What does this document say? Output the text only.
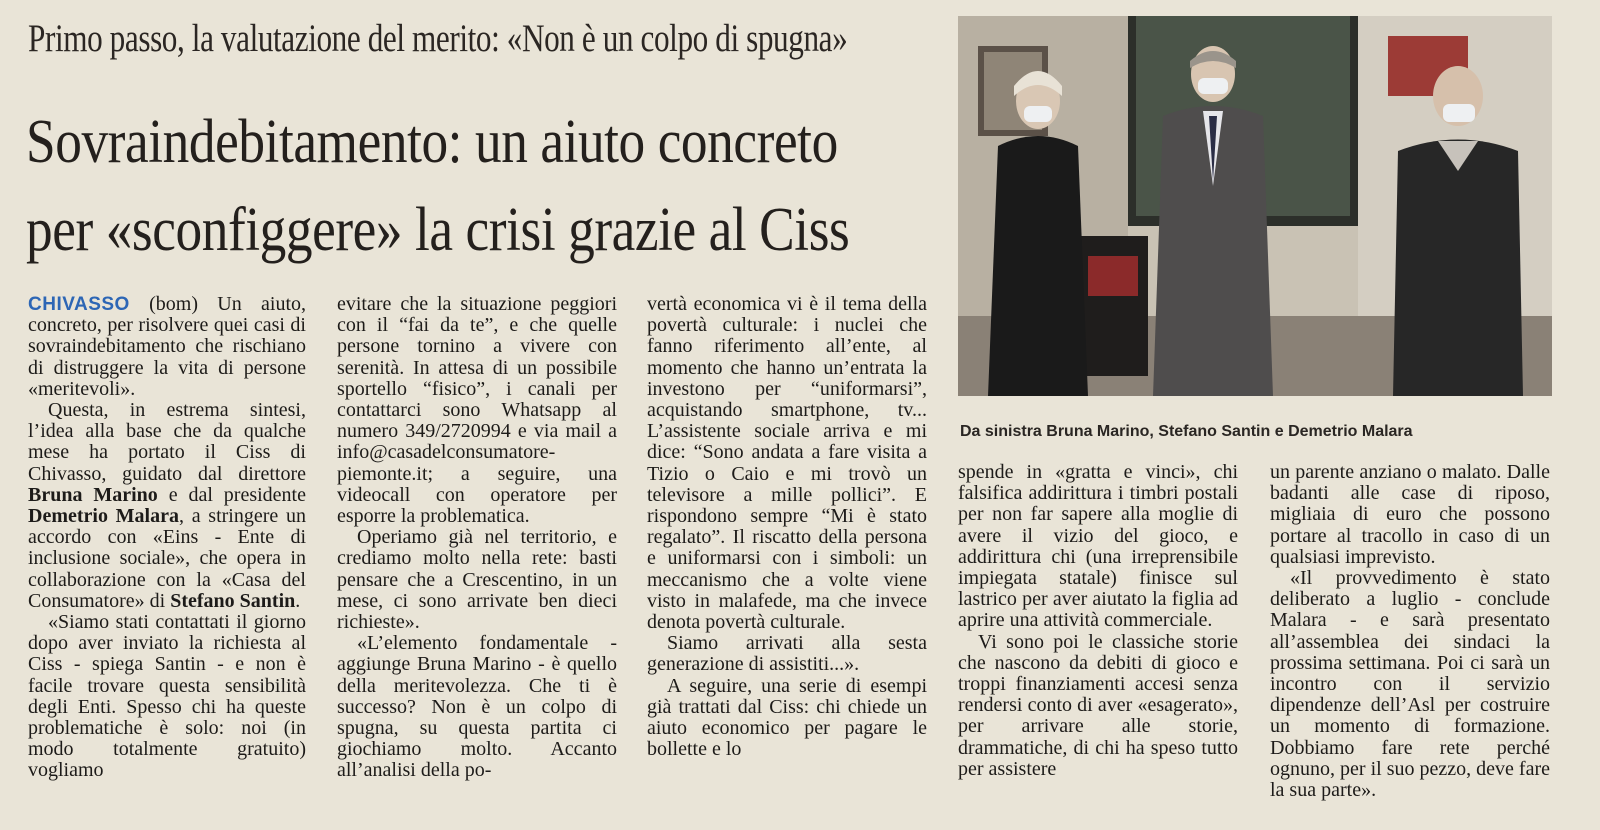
Primo passo, la valutazione del merito: «Non è un colpo di spugna»
Sovraindebitamento: un aiuto concreto
per «sconfiggere» la crisi grazie al Ciss
Da sinistra Bruna Marino, Stefano Santin e Demetrio Malara

CHIVASSO (bom) Un aiuto, concreto, per risolvere quei casi di sovraindebitamento che rischiano di distruggere la vita di persone «meritevoli».

Questa, in estrema sintesi, l’idea alla base che da qualche mese ha portato il Ciss di Chivasso, guidato dal direttore Bruna Marino e dal presidente Demetrio Malara, a stringere un accordo con «Eins - Ente di inclusione sociale», che opera in collaborazione con la «Casa del Consumatore» di Stefano Santin.

«Siamo stati contattati il giorno dopo aver inviato la richiesta al Ciss - spiega Santin - e non è facile trovare questa sensibilità degli Enti. Spesso chi ha queste problematiche è solo: noi (in modo totalmente gratuito) vogliamo

evitare che la situazione peggiori con il “fai da te”, e che quelle persone tornino a vivere con serenità. In attesa di un possibile sportello “fisico”, i canali per contattarci sono Whatsapp al numero 349/2720994 e via mail a info@casadelconsumatore-piemonte.it; a seguire, una videocall con operatore per esporre la problematica.

Operiamo già nel territorio, e crediamo molto nella rete: basti pensare che a Crescentino, in un mese, ci sono arrivate ben dieci richieste».

«L’elemento fondamentale - aggiunge Bruna Marino - è quello della meritevolezza. Che ti è successo? Non è un colpo di spugna, su questa partita ci giochiamo molto. Accanto all’analisi della po-

vertà economica vi è il tema della povertà culturale: i nuclei che fanno riferimento all’ente, al momento che hanno un’entrata la investono per “uniformarsi”, acquistando smartphone, tv... L’assistente sociale arriva e mi dice: “Sono andata a fare visita a Tizio o Caio e mi trovò un televisore a mille pollici”. E rispondono sempre “Mi è stato regalato”. Il riscatto della persona e uniformarsi con i simboli: un meccanismo che a volte viene visto in malafede, ma che invece denota povertà culturale.

Siamo arrivati alla sesta generazione di assistiti...».

A seguire, una serie di esempi già trattati dal Ciss: chi chiede un aiuto economico per pagare le bollette e lo

spende in «gratta e vinci», chi falsifica addirittura i timbri postali per non far sapere alla moglie di avere il vizio del gioco, e addirittura chi (una irreprensibile impiegata statale) finisce sul lastrico per aver aiutato la figlia ad aprire una attività commerciale.

Vi sono poi le classiche storie che nascono da debiti di gioco e troppi finanziamenti accesi senza rendersi conto di aver «esagerato», per arrivare alle storie, drammatiche, di chi ha speso tutto per assistere

un parente anziano o malato. Dalle badanti alle case di riposo, migliaia di euro che possono portare al tracollo in caso di un qualsiasi imprevisto.

«Il provvedimento è stato deliberato a luglio - conclude Malara - e sarà presentato all’assemblea dei sindaci la prossima settimana. Poi ci sarà un incontro con il servizio dipendenze dell’Asl per costruire un momento di formazione. Dobbiamo fare rete perché ognuno, per il suo pezzo, deve fare la sua parte».
